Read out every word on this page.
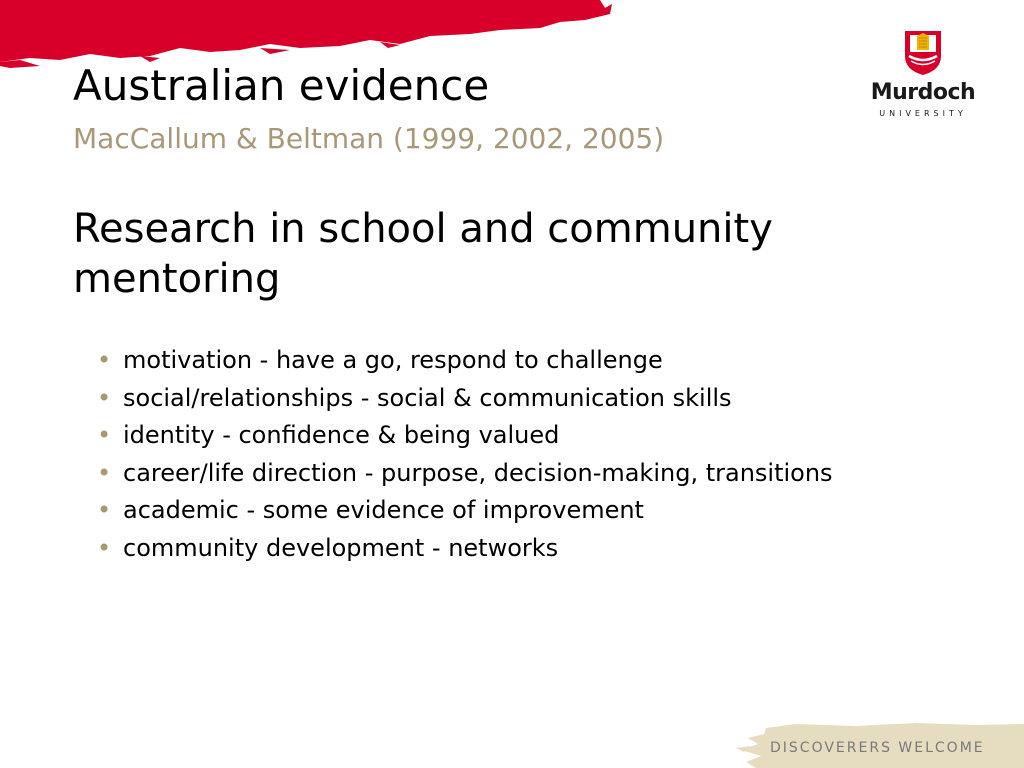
Murdoch
UNIVERSITY
Australian evidence
MacCallum & Beltman (1999, 2002, 2005)
Research in school and community mentoring
• motivation - have a go, respond to challenge
• social/relationships - social & communication skills
• identity - confidence & being valued
• career/life direction - purpose, decision-making, transitions
• academic - some evidence of improvement
• community development - networks
DISCOVERERS WELCOME
